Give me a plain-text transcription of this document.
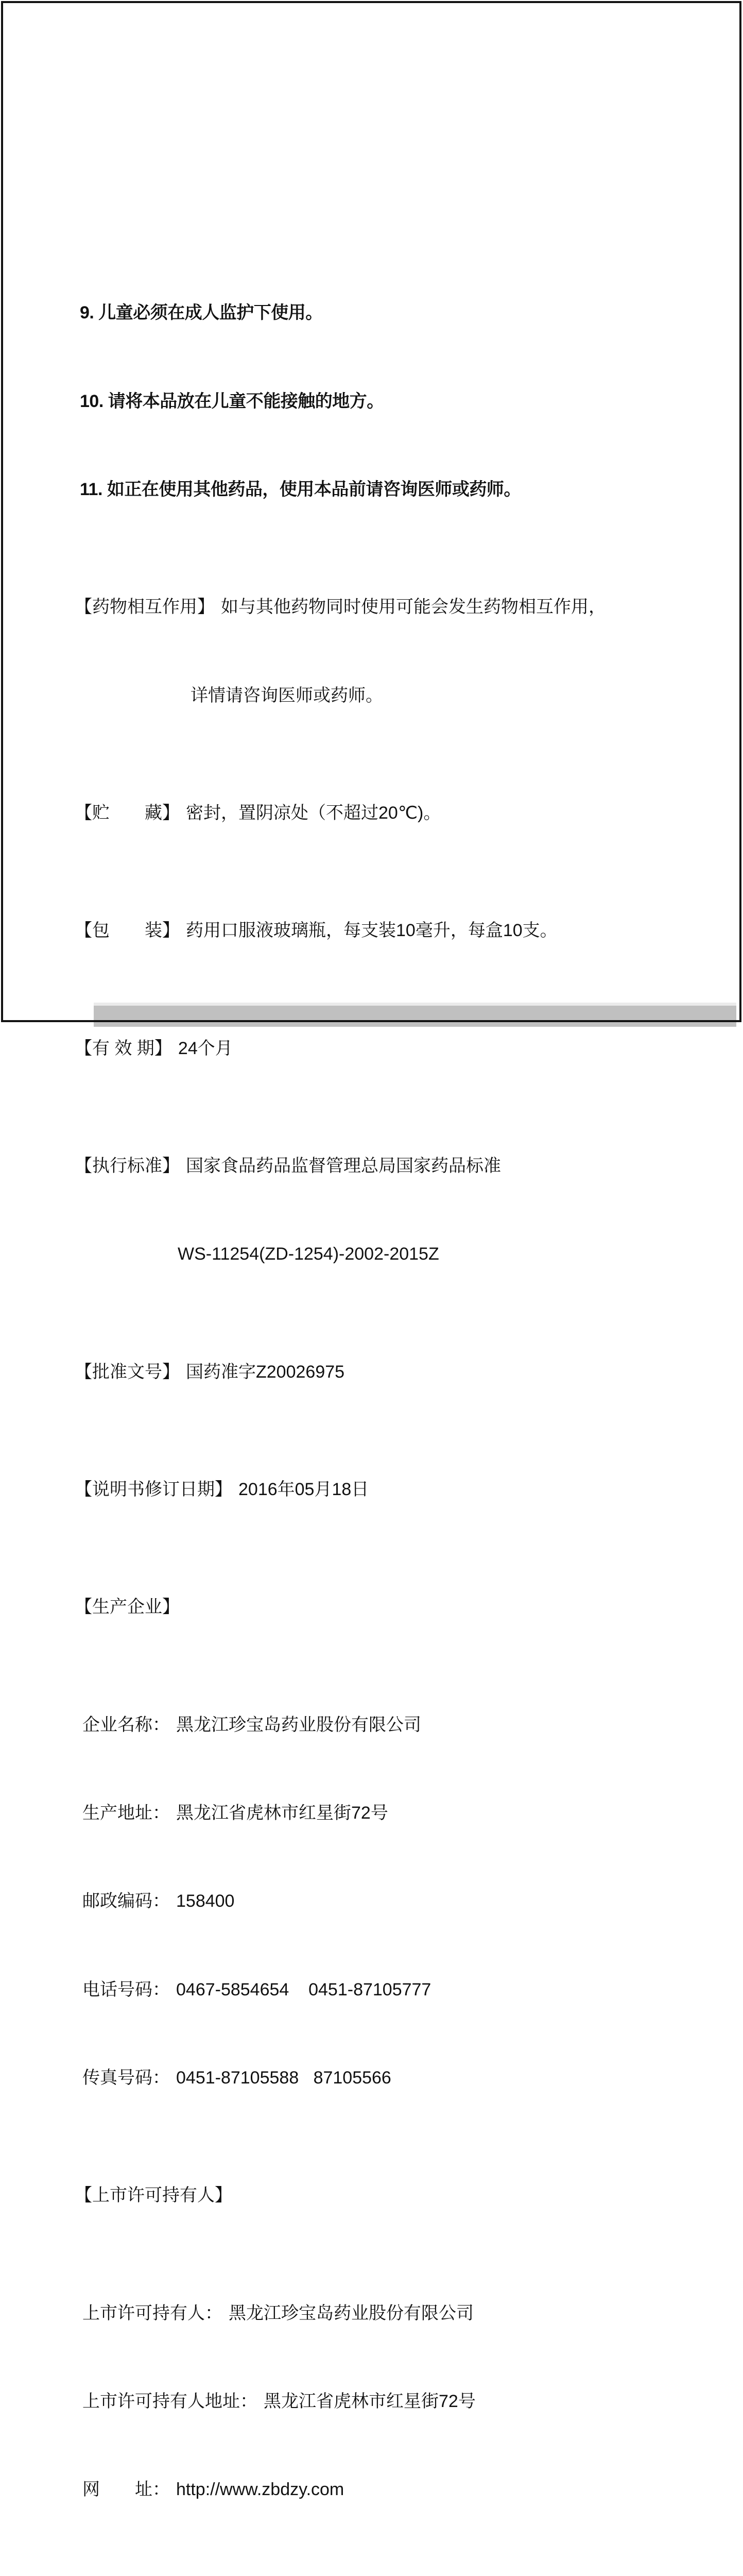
9. 儿童必须在成人监护下使用。

10. 请将本品放在儿童不能接触的地方。

11. 如正在使用其他药品，使用本品前请咨询医师或药师。

【药物相互作用】 如与其他药物同时使用可能会发生药物相互作用，

详情请咨询医师或药师。

【贮　　藏】 密封，置阴凉处（不超过20℃)。

【包　　装】 药用口服液玻璃瓶，每支装10毫升，每盒10支。

【有 效 期】 24个月

【执行标准】 国家食品药品监督管理总局国家药品标准

WS-11254(ZD-1254)-2002-2015Z

【批准文号】 国药准字Z20026975

【说明书修订日期】 2016年05月18日

【生产企业】

企业名称： 黑龙江珍宝岛药业股份有限公司

生产地址： 黑龙江省虎林市红星街72号

邮政编码： 158400

电话号码： 0467-5854654    0451-87105777

传真号码： 0451-87105588   87105566

【上市许可持有人】

上市许可持有人： 黑龙江珍宝岛药业股份有限公司

上市许可持有人地址： 黑龙江省虎林市红星街72号

网　　址： http://www.zbdzy.com
